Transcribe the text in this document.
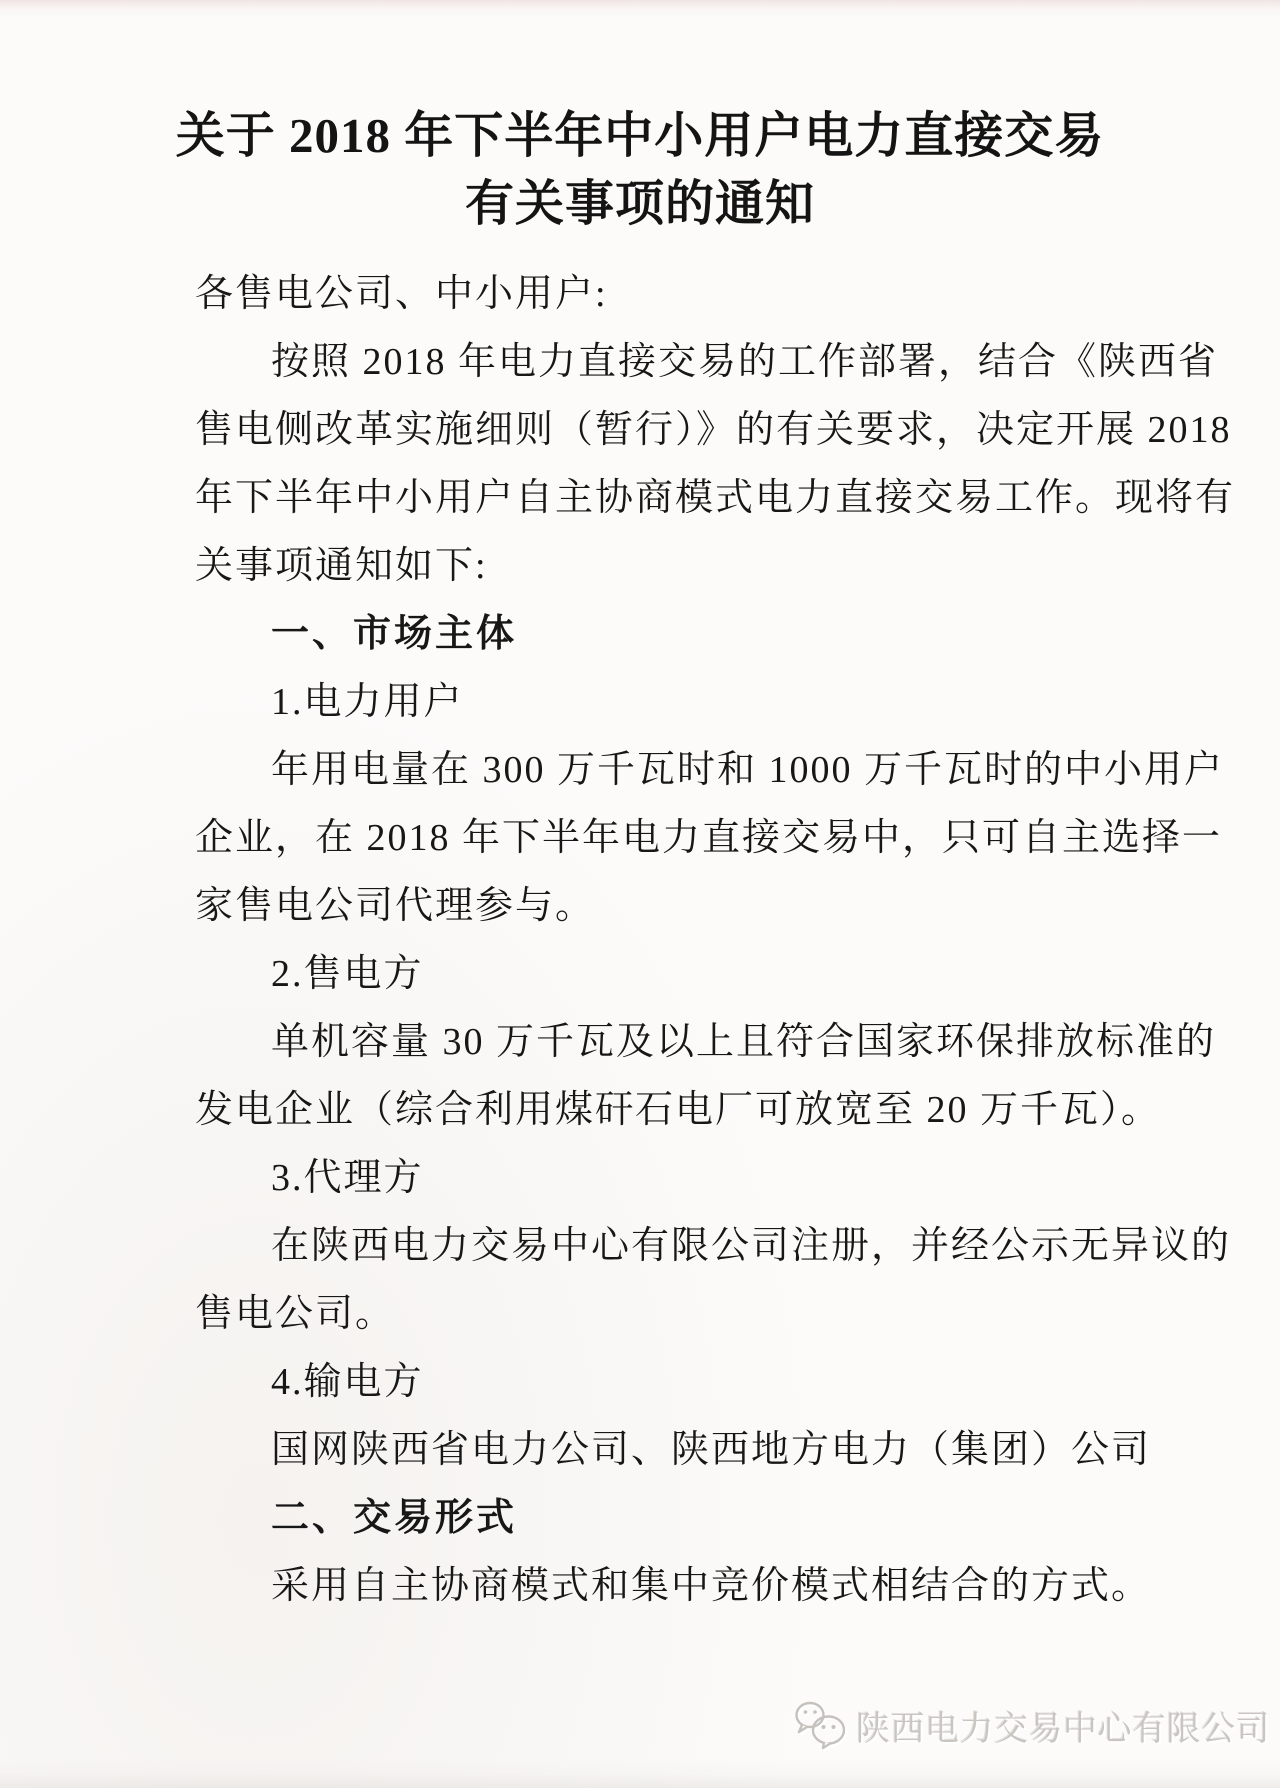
关于 2018 年下半年中小用户电力直接交易
有关事项的通知
各售电公司、中小用户:
按照 2018 年电力直接交易的工作部署，结合《陕西省
售电侧改革实施细则（暂行）》的有关要求，决定开展 2018
年下半年中小用户自主协商模式电力直接交易工作。现将有
关事项通知如下:
一、市场主体
1.电力用户
年用电量在 300 万千瓦时和 1000 万千瓦时的中小用户
企业，在 2018 年下半年电力直接交易中，只可自主选择一
家售电公司代理参与。
2.售电方
单机容量 30 万千瓦及以上且符合国家环保排放标准的
发电企业（综合利用煤矸石电厂可放宽至 20 万千瓦）。
3.代理方
在陕西电力交易中心有限公司注册，并经公示无异议的
售电公司。
4.输电方
国网陕西省电力公司、陕西地方电力（集团）公司
二、交易形式
采用自主协商模式和集中竞价模式相结合的方式。
陕西电力交易中心有限公司
